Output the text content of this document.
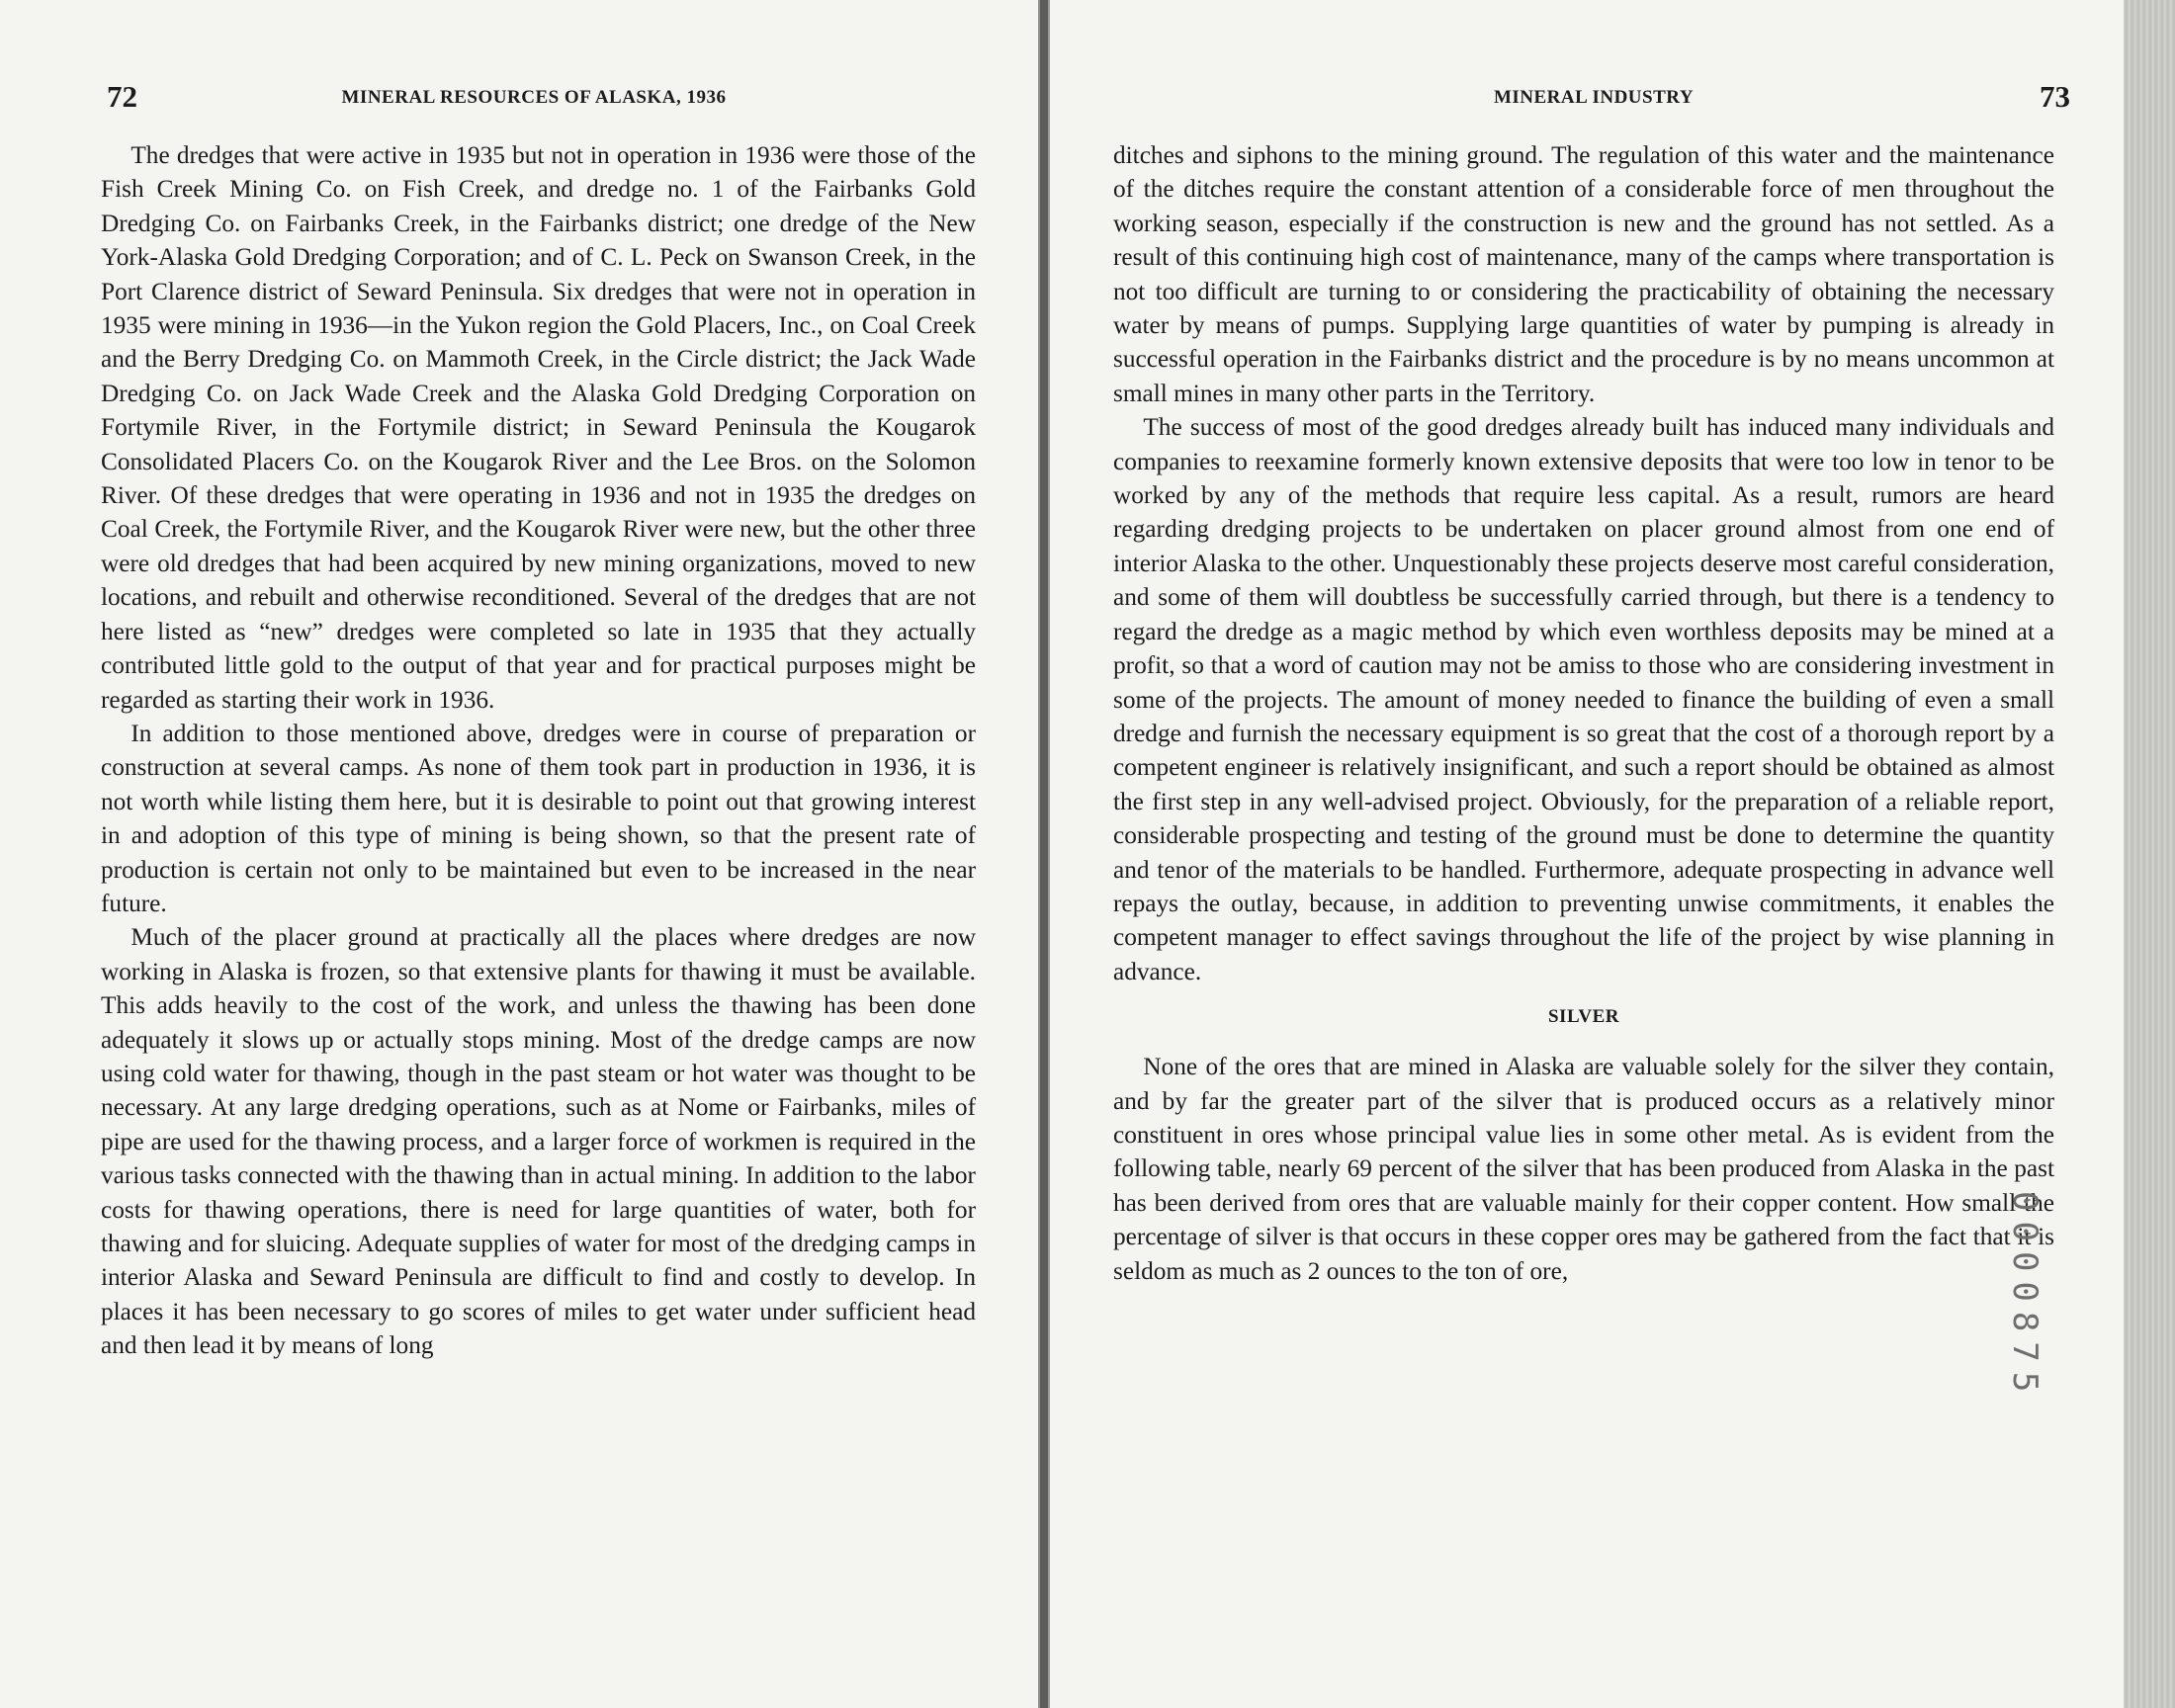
72	MINERAL RESOURCES OF ALASKA, 1936

The dredges that were active in 1935 but not in operation in 1936 were those of the Fish Creek Mining Co. on Fish Creek, and dredge no. 1 of the Fairbanks Gold Dredging Co. on Fairbanks Creek, in the Fairbanks district; one dredge of the New York-Alaska Gold Dredging Corporation; and of C. L. Peck on Swanson Creek, in the Port Clarence district of Seward Peninsula. Six dredges that were not in operation in 1935 were mining in 1936—in the Yukon region the Gold Placers, Inc., on Coal Creek and the Berry Dredging Co. on Mammoth Creek, in the Circle district; the Jack Wade Dredging Co. on Jack Wade Creek and the Alaska Gold Dredging Corporation on Fortymile River, in the Fortymile district; in Seward Peninsula the Kougarok Consolidated Placers Co. on the Kougarok River and the Lee Bros. on the Solomon River. Of these dredges that were operating in 1936 and not in 1935 the dredges on Coal Creek, the Fortymile River, and the Kougarok River were new, but the other three were old dredges that had been acquired by new mining organizations, moved to new locations, and rebuilt and otherwise reconditioned. Several of the dredges that are not here listed as “new” dredges were completed so late in 1935 that they actually contributed little gold to the output of that year and for practical purposes might be regarded as starting their work in 1936.

In addition to those mentioned above, dredges were in course of preparation or construction at several camps. As none of them took part in production in 1936, it is not worth while listing them here, but it is desirable to point out that growing interest in and adoption of this type of mining is being shown, so that the present rate of production is certain not only to be maintained but even to be increased in the near future.

Much of the placer ground at practically all the places where dredges are now working in Alaska is frozen, so that extensive plants for thawing it must be available. This adds heavily to the cost of the work, and unless the thawing has been done adequately it slows up or actually stops mining. Most of the dredge camps are now using cold water for thawing, though in the past steam or hot water was thought to be necessary. At any large dredging operations, such as at Nome or Fairbanks, miles of pipe are used for the thawing process, and a larger force of workmen is required in the various tasks connected with the thawing than in actual mining. In addition to the labor costs for thawing operations, there is need for large quantities of water, both for thawing and for sluicing. Adequate supplies of water for most of the dredging camps in interior Alaska and Seward Peninsula are difficult to find and costly to develop. In places it has been necessary to go scores of miles to get water under sufficient head and then lead it by means of long

MINERAL INDUSTRY	73

ditches and siphons to the mining ground. The regulation of this water and the maintenance of the ditches require the constant attention of a considerable force of men throughout the working season, especially if the construction is new and the ground has not settled. As a result of this continuing high cost of maintenance, many of the camps where transportation is not too difficult are turning to or considering the practicability of obtaining the necessary water by means of pumps. Supplying large quantities of water by pumping is already in successful operation in the Fairbanks district and the procedure is by no means uncommon at small mines in many other parts in the Territory.

The success of most of the good dredges already built has induced many individuals and companies to reexamine formerly known extensive deposits that were too low in tenor to be worked by any of the methods that require less capital. As a result, rumors are heard regarding dredging projects to be undertaken on placer ground almost from one end of interior Alaska to the other. Unquestionably these projects deserve most careful consideration, and some of them will doubtless be successfully carried through, but there is a tendency to regard the dredge as a magic method by which even worthless deposits may be mined at a profit, so that a word of caution may not be amiss to those who are considering investment in some of the projects. The amount of money needed to finance the building of even a small dredge and furnish the necessary equipment is so great that the cost of a thorough report by a competent engineer is relatively insignificant, and such a report should be obtained as almost the first step in any well-advised project. Obviously, for the preparation of a reliable report, considerable prospecting and testing of the ground must be done to determine the quantity and tenor of the materials to be handled. Furthermore, adequate prospecting in advance well repays the outlay, because, in addition to preventing unwise commitments, it enables the competent manager to effect savings throughout the life of the project by wise planning in advance.

SILVER

None of the ores that are mined in Alaska are valuable solely for the silver they contain, and by far the greater part of the silver that is produced occurs as a relatively minor constituent in ores whose principal value lies in some other metal. As is evident from the following table, nearly 69 percent of the silver that has been produced from Alaska in the past has been derived from ores that are valuable mainly for their copper content. How small the percentage of silver is that occurs in these copper ores may be gathered from the fact that it is seldom as much as 2 ounces to the ton of ore,	0000875
